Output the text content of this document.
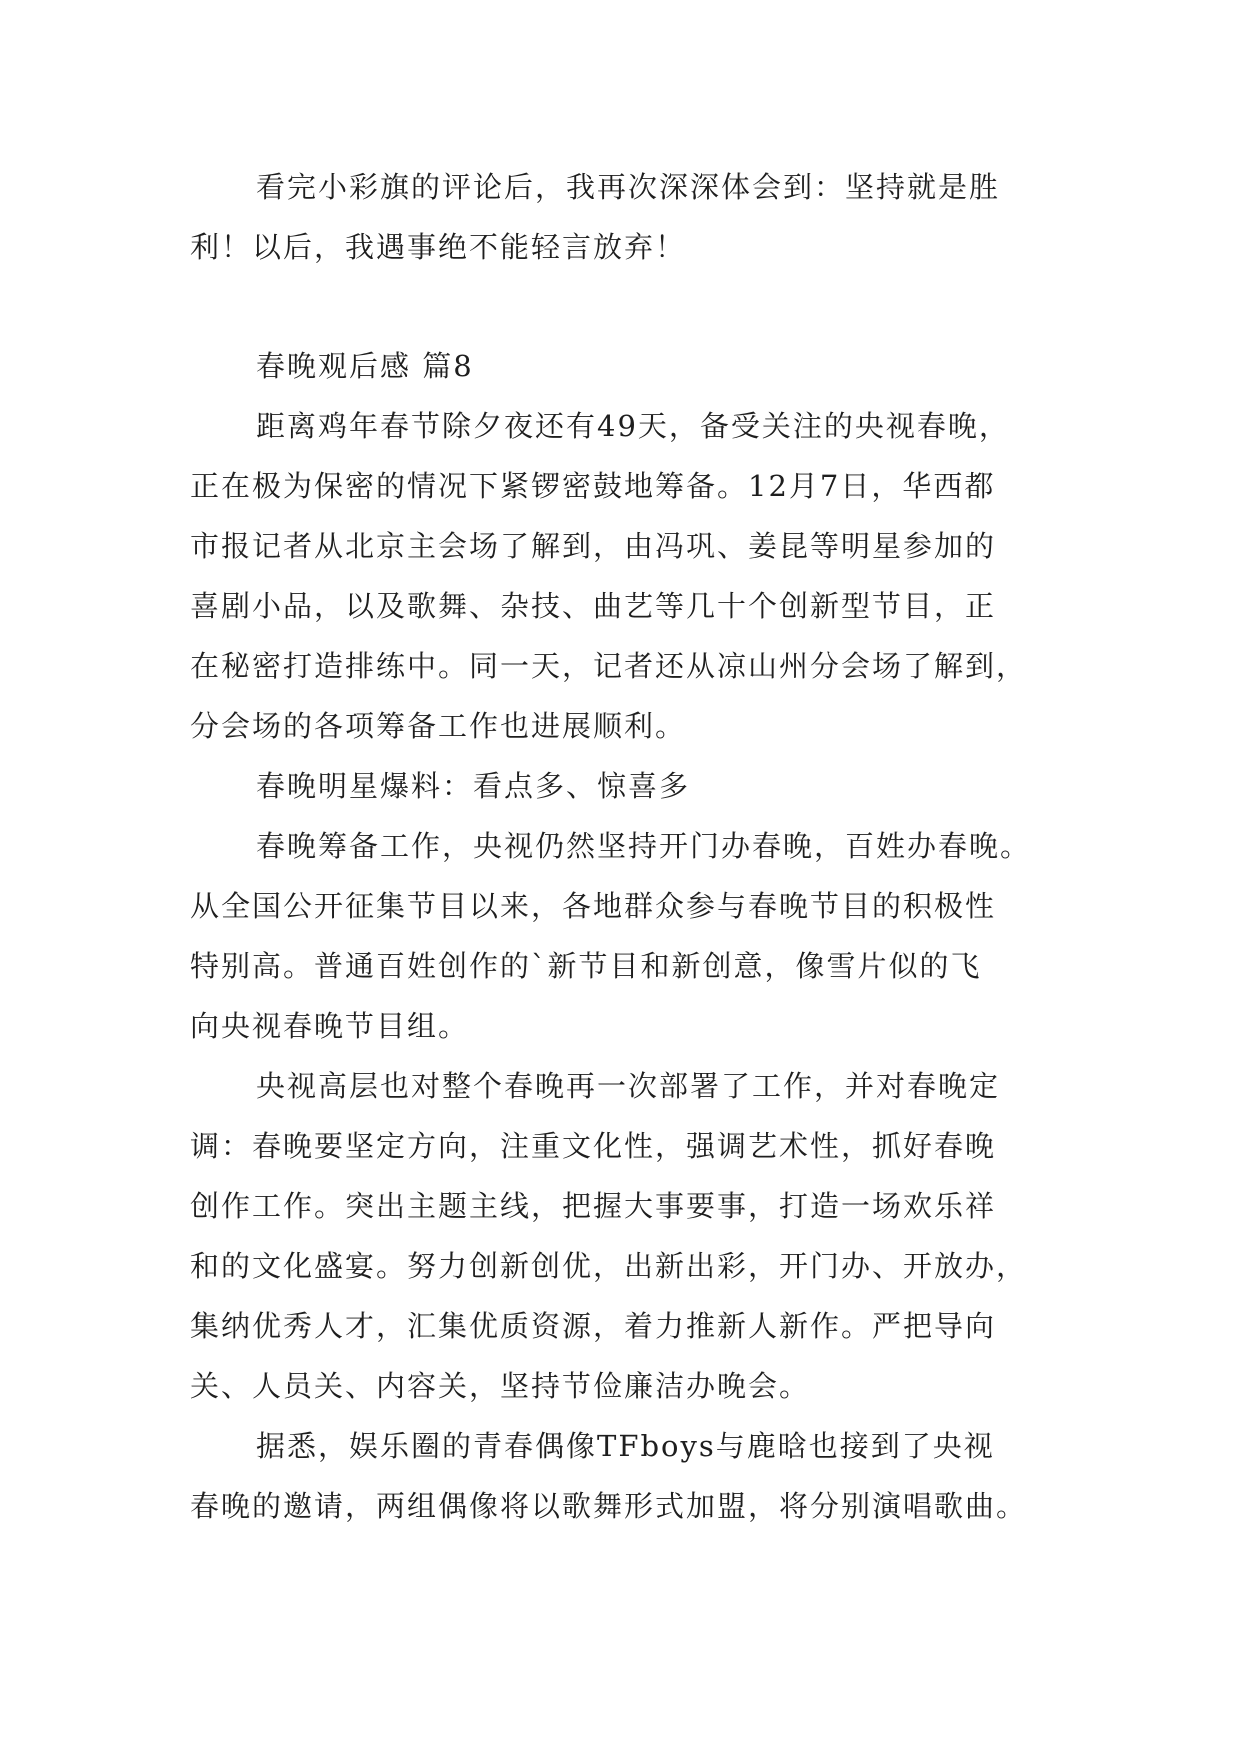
看完小彩旗的评论后，我再次深深体会到：坚持就是胜
利！以后，我遇事绝不能轻言放弃！
春晚观后感 篇8
距离鸡年春节除夕夜还有49天，备受关注的央视春晚，
正在极为保密的情况下紧锣密鼓地筹备。12月7日，华西都
市报记者从北京主会场了解到，由冯巩、姜昆等明星参加的
喜剧小品，以及歌舞、杂技、曲艺等几十个创新型节目，正
在秘密打造排练中。同一天，记者还从凉山州分会场了解到，
分会场的各项筹备工作也进展顺利。
春晚明星爆料：看点多、惊喜多
春晚筹备工作，央视仍然坚持开门办春晚，百姓办春晚。
从全国公开征集节目以来，各地群众参与春晚节目的积极性
特别高。普通百姓创作的`新节目和新创意，像雪片似的飞
向央视春晚节目组。
央视高层也对整个春晚再一次部署了工作，并对春晚定
调：春晚要坚定方向，注重文化性，强调艺术性，抓好春晚
创作工作。突出主题主线，把握大事要事，打造一场欢乐祥
和的文化盛宴。努力创新创优，出新出彩，开门办、开放办，
集纳优秀人才，汇集优质资源，着力推新人新作。严把导向
关、人员关、内容关，坚持节俭廉洁办晚会。
据悉，娱乐圈的青春偶像TFboys与鹿晗也接到了央视
春晚的邀请，两组偶像将以歌舞形式加盟，将分别演唱歌曲。
